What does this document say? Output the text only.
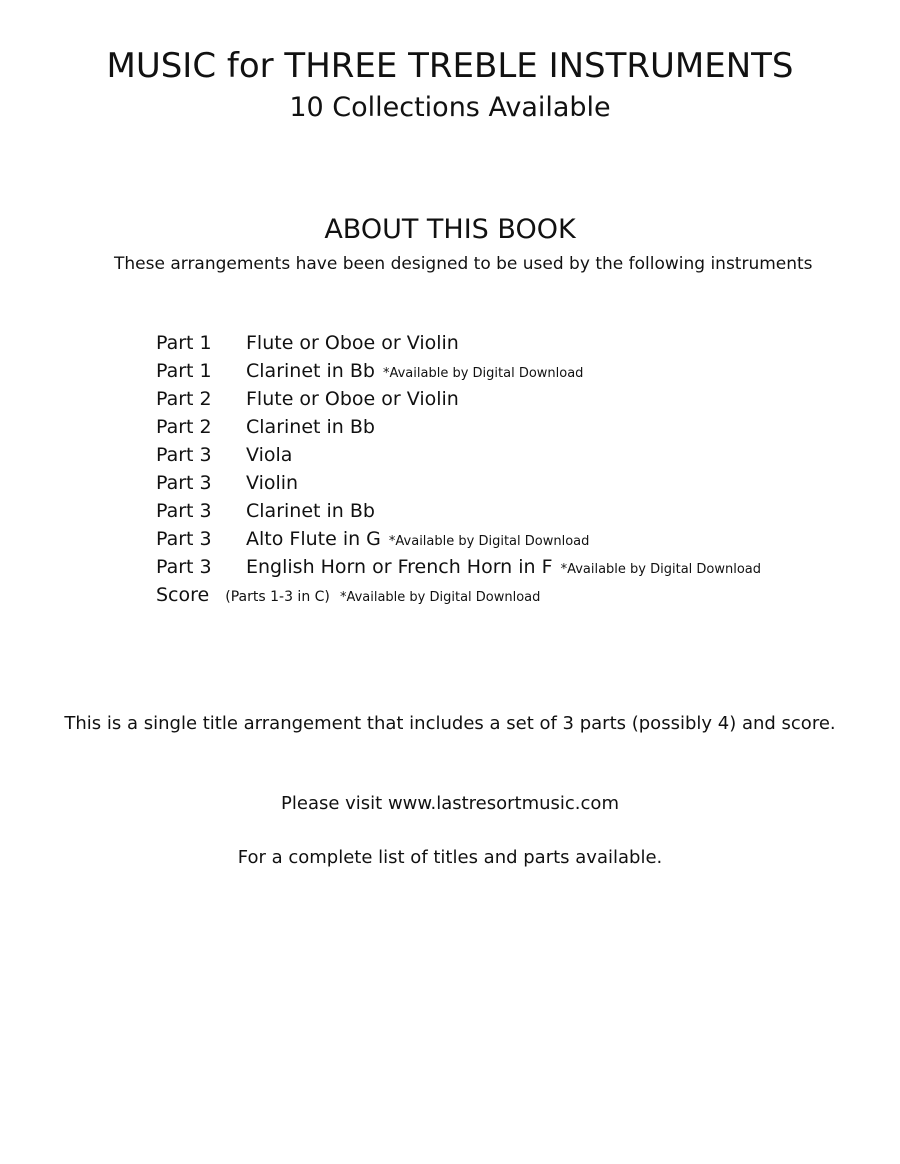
MUSIC for THREE TREBLE INSTRUMENTS
10 Collections Available
ABOUT THIS BOOK
These arrangements have been designed to be used by the following instruments
Part 1 Flute or Oboe or Violin
Part 1 Clarinet in Bb *Available by Digital Download
Part 2 Flute or Oboe or Violin
Part 2 Clarinet in Bb
Part 3 Viola
Part 3 Violin
Part 3 Clarinet in Bb
Part 3 Alto Flute in G *Available by Digital Download
Part 3 English Horn or French Horn in F *Available by Digital Download
Score (Parts 1-3 in C) *Available by Digital Download
This is a single title arrangement that includes a set of 3 parts (possibly 4) and score.
Please visit www.lastresortmusic.com
For a complete list of titles and parts available.
